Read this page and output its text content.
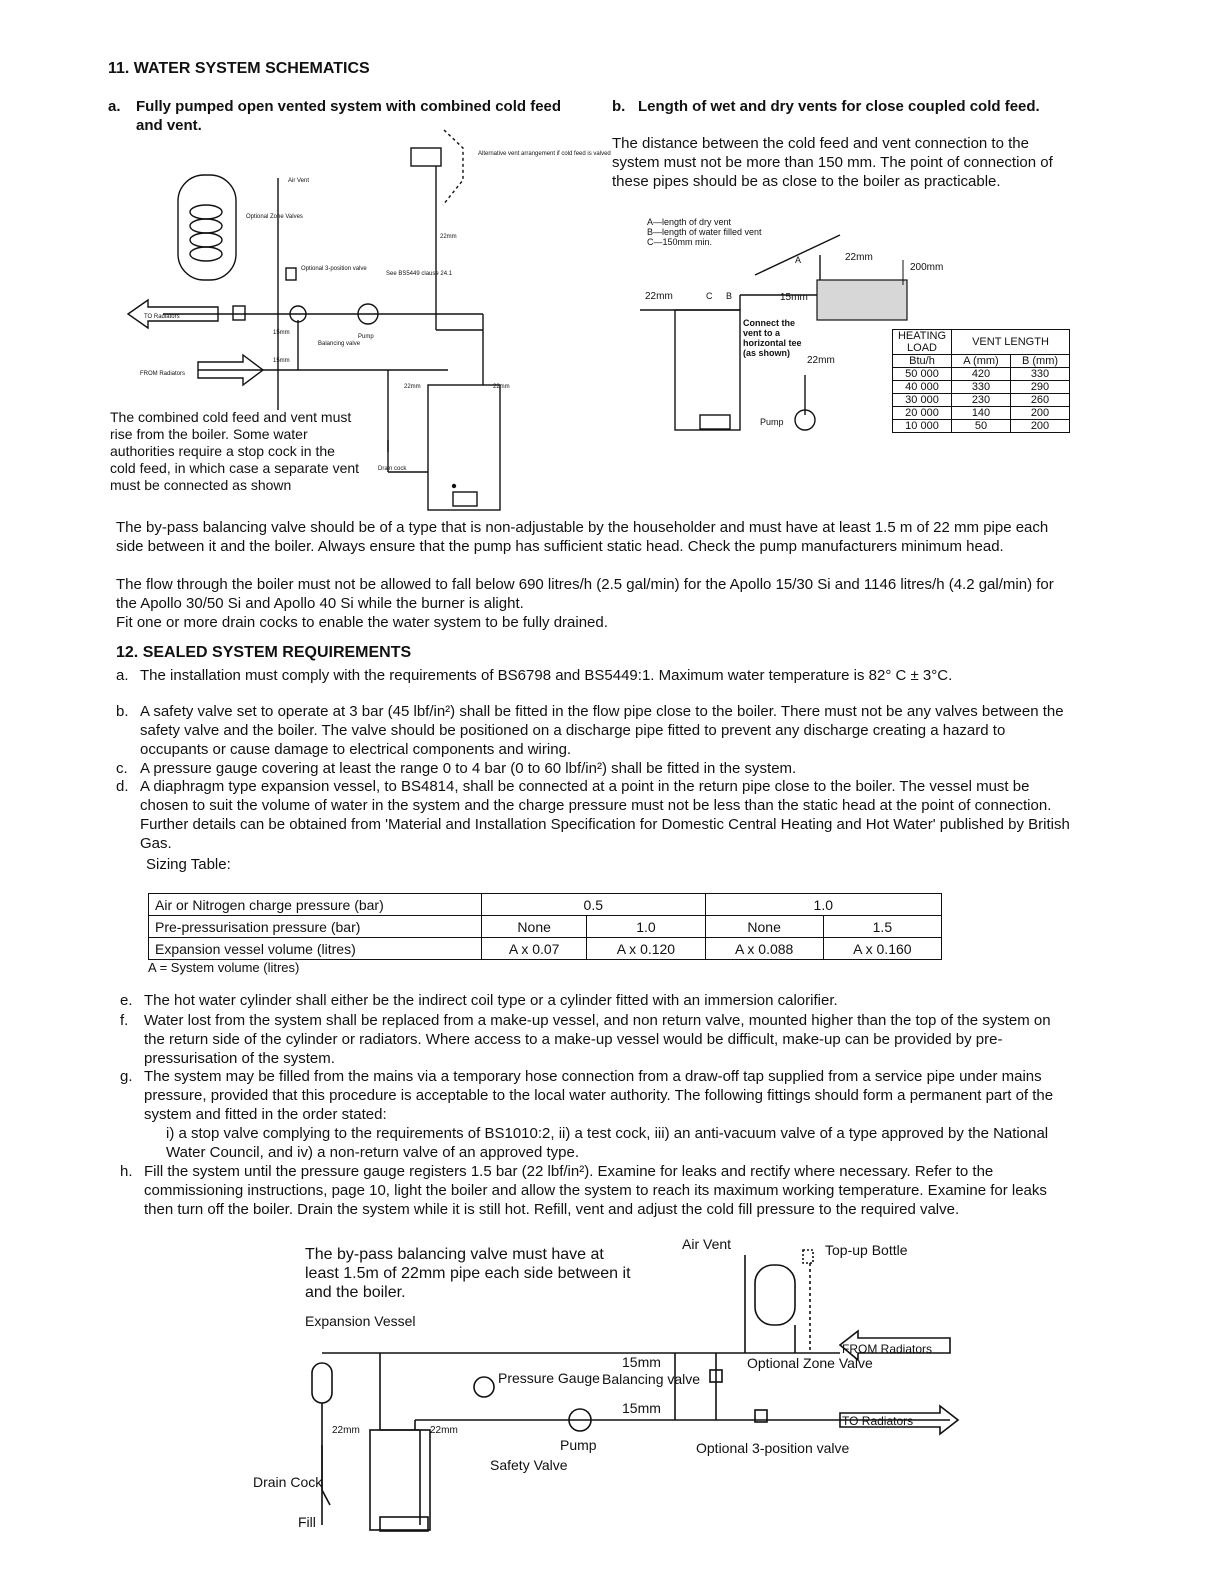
11. WATER SYSTEM SCHEMATICS
a. Fully pumped open vented system with combined cold feed and vent.
Air Vent
Alternative vent arrangement if cold feed is valved
Optional Zone Valves
Optional 3-position valve
See BS5449 clause 24.1
TO Radiators
FROM Radiators
Pump
Balancing valve
Drain cock
15mm
15mm
22mm
22mm	22mm
The combined cold feed and vent must rise from the boiler. Some water authorities require a stop cock in the cold feed, in which case a separate vent must be connected as shown
b. Length of wet and dry vents for close coupled cold feed.
The distance between the cold feed and vent connection to the system must not be more than 150 mm. The point of connection of these pipes should be as close to the boiler as practicable.
A—length of dry vent
B—length of water filled vent
C—150mm min.
22mm
22mm
22mm
15mm
A
B
C
Pump
Connect the vent to a horizontal tee (as shown)
200mm
HEATING LOAD	VENT LENGTH	
Btu/h	A (mm)	B (mm)
50 000	420	330
40 000	330	290
30 000	230	260
20 000	140	200
10 000	50	200
The by-pass balancing valve should be of a type that is non-adjustable by the householder and must have at least 1.5 m of 22 mm pipe each side between it and the boiler. Always ensure that the pump has sufficient static head. Check the pump manufacturers minimum head.
The flow through the boiler must not be allowed to fall below 690 litres/h (2.5 gal/min) for the Apollo 15/30 Si and 1146 litres/h (4.2 gal/min) for the Apollo 30/50 Si and Apollo 40 Si while the burner is alight.
Fit one or more drain cocks to enable the water system to be fully drained.
12. SEALED SYSTEM REQUIREMENTS
a. The installation must comply with the requirements of BS6798 and BS5449:1. Maximum water temperature is 82° C ± 3°C.
b. A safety valve set to operate at 3 bar (45 lbf/in²) shall be fitted in the flow pipe close to the boiler. There must not be any valves between the safety valve and the boiler. The valve should be positioned on a discharge pipe fitted to prevent any discharge creating a hazard to occupants or cause damage to electrical components and wiring.
c. A pressure gauge covering at least the range 0 to 4 bar (0 to 60 lbf/in²) shall be fitted in the system.
d. A diaphragm type expansion vessel, to BS4814, shall be connected at a point in the return pipe close to the boiler. The vessel must be chosen to suit the volume of water in the system and the charge pressure must not be less than the static head at the point of connection. Further details can be obtained from 'Material and Installation Specification for Domestic Central Heating and Hot Water' published by British Gas.
Sizing Table:
Air or Nitrogen charge pressure (bar)	0.5		1.0	
Pre-pressurisation pressure (bar)	None	1.0	None	1.5
Expansion vessel volume (litres)	A x 0.07	A x 0.120	A x 0.088	A x 0.160
A = System volume (litres)
e. The hot water cylinder shall either be the indirect coil type or a cylinder fitted with an immersion calorifier.
f. Water lost from the system shall be replaced from a make-up vessel, and non return valve, mounted higher than the top of the system on the return side of the cylinder or radiators. Where access to a make-up vessel would be difficult, make-up can be provided by pre-pressurisation of the system.
g. The system may be filled from the mains via a temporary hose connection from a draw-off tap supplied from a service pipe under mains pressure, provided that this procedure is acceptable to the local water authority. The following fittings should form a permanent part of the system and fitted in the order stated:
i) a stop valve complying to the requirements of BS1010:2, ii) a test cock, iii) an anti-vacuum valve of a type approved by the National Water Council, and iv) a non-return valve of an approved type.
h. Fill the system until the pressure gauge registers 1.5 bar (22 lbf/in²). Examine for leaks and rectify where necessary. Refer to the commissioning instructions, page 10, light the boiler and allow the system to reach its maximum working temperature. Examine for leaks then turn off the boiler. Drain the system while it is still hot. Refill, vent and adjust the cold fill pressure to the required valve.
The by-pass balancing valve must have at least 1.5m of 22mm pipe each side between it and the boiler.
Air Vent	Top-up Bottle
Expansion Vessel
FROM Radiators
Optional Zone Valve
TO Radiators
Pressure Gauge Balancing valve
15mm
15mm
Pump
Safety Valve
Optional 3-position valve
22mm	22mm
Drain Cock
Fill
